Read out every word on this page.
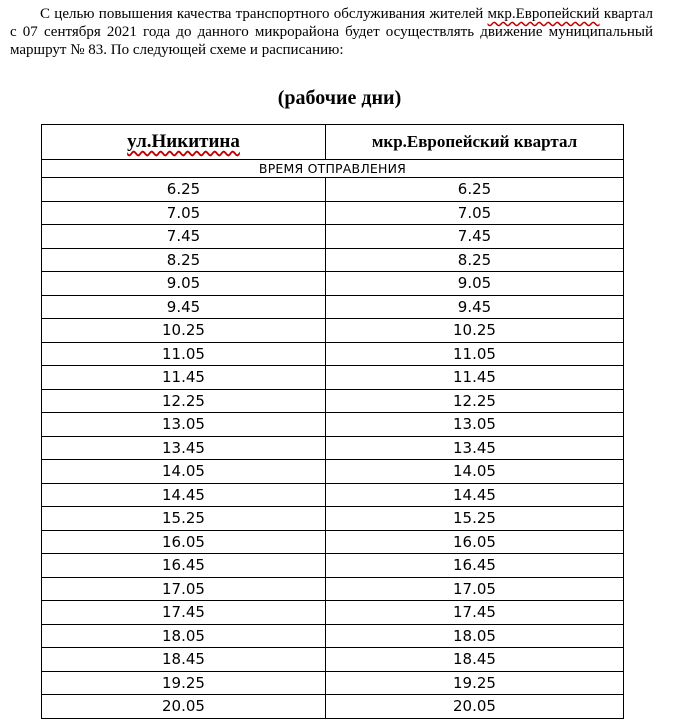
С целью повышения качества транспортного обслуживания жителей мкр.Европейский квартал с 07 сентября 2021 года до данного микрорайона будет осуществлять движение муниципальный маршрут № 83. По следующей схеме и расписанию:

(рабочие дни)
ул.Никитина	мкр.Европейский квартал
ВРЕМЯ ОТПРАВЛЕНИЯ	
6.25	6.25
7.05	7.05
7.45	7.45
8.25	8.25
9.05	9.05
9.45	9.45
10.25	10.25
11.05	11.05
11.45	11.45
12.25	12.25
13.05	13.05
13.45	13.45
14.05	14.05
14.45	14.45
15.25	15.25
16.05	16.05
16.45	16.45
17.05	17.05
17.45	17.45
18.05	18.05
18.45	18.45
19.25	19.25
20.05	20.05
